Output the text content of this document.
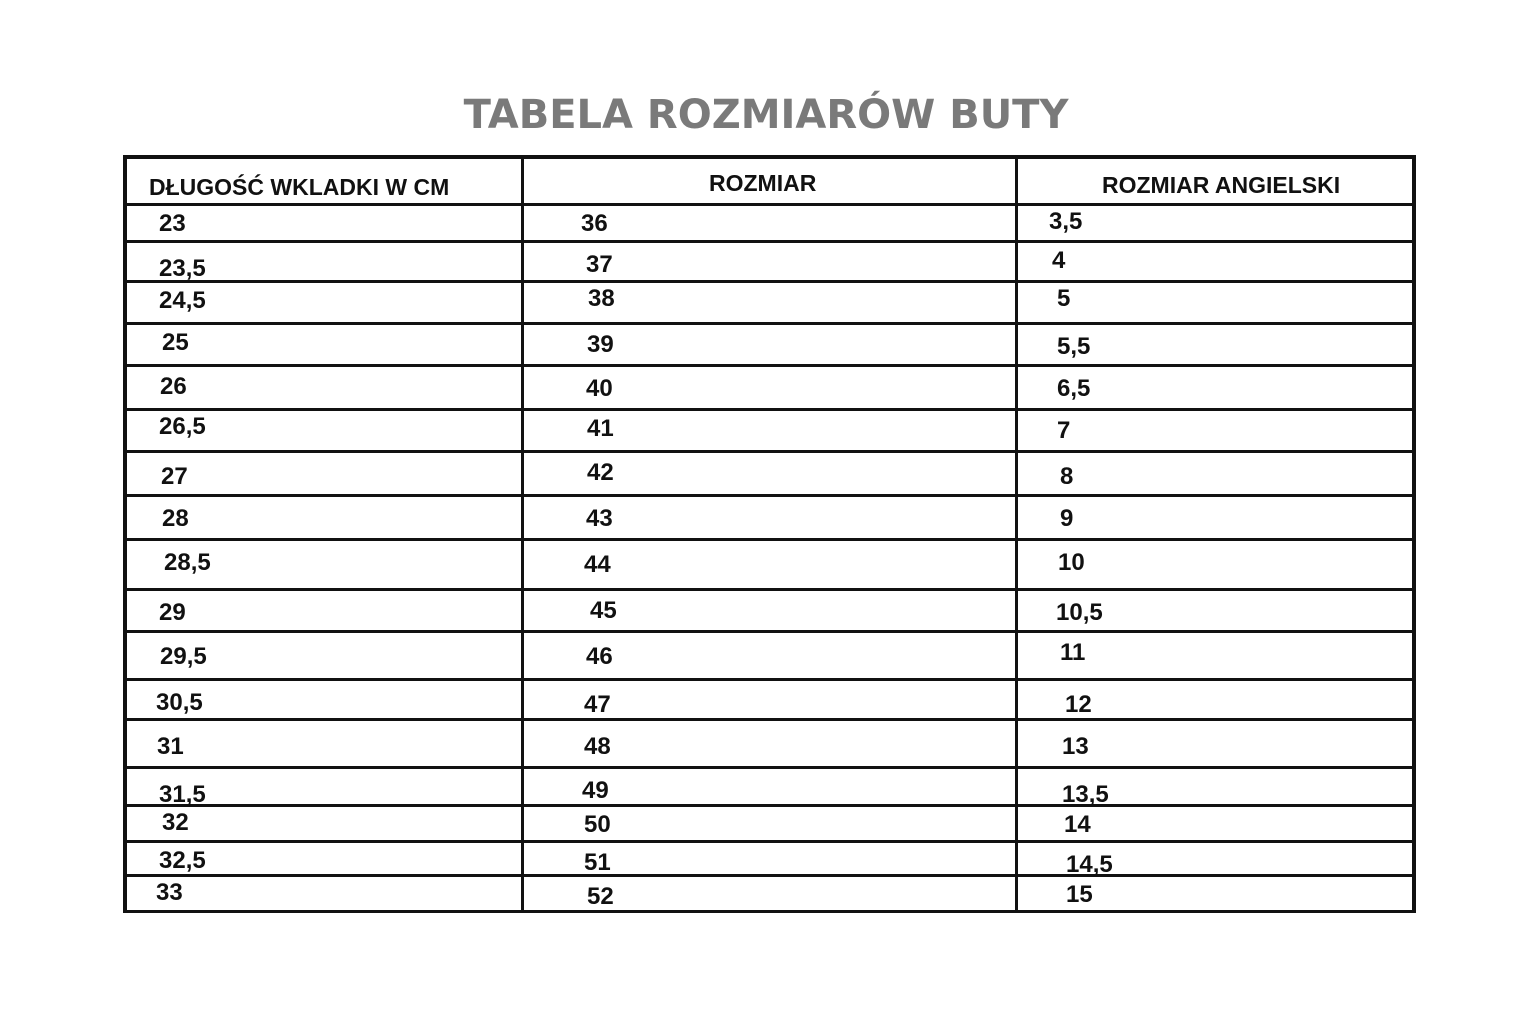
TABELA ROZMIARÓW BUTY
DŁUGOŚĆ WKLADKI W CM	ROZMIAR	ROZMIAR ANGIELSKI
23	36	3,5
23,5	37	4
24,5	38	5
25	39	5,5
26	40	6,5
26,5	41	7
27	42	8
28	43	9
28,5	44	10
29	45	10,5
29,5	46	11
30,5	47	12
31	48	13
31,5	49	13,5
32	50	14
32,5	51	14,5
33	52	15
